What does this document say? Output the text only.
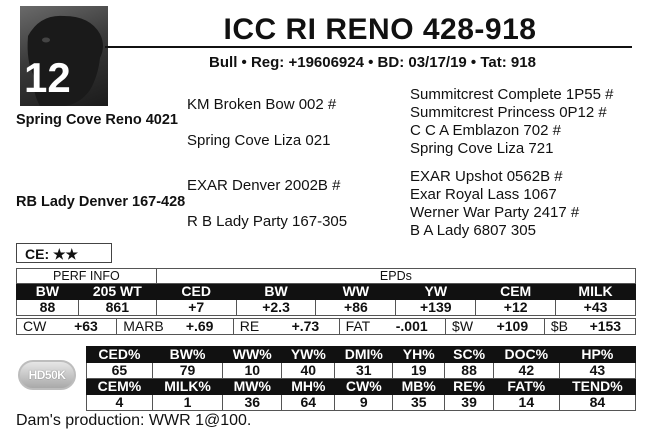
12
ICC RI RENO 428-918
Bull • Reg: +19606924 • BD: 03/17/19 • Tat: 918
KM Broken Bow 002 #
Spring Cove Reno 4021
Spring Cove Liza 021
Summitcrest Complete 1P55 #
Summitcrest Princess 0P12 #
C C A Emblazon 702 #
Spring Cove Liza 721
EXAR Denver 2002B #
RB Lady Denver 167-428
R B Lady Party 167-305
EXAR Upshot 0562B #
Exar Royal Lass 1067
Werner War Party 2417 #
B A Lady 6807 305
CE: ★★
PERF INFO		EPDs					
BW	205 WT	CED	BW	WW	YW	CEM	MILK
88	861	+7	+2.3	+86	+139	+12	+43
CW	+63	MARB	+.69	RE	+.73	FAT	-.001	$W	+109	$B	+153
HD50K
CED%	BW%	WW%	YW%	DMI%	YH%	SC%	DOC%	HP%
65	79	10	40	31	19	88	42	43
CEM%	MILK%	MW%	MH%	CW%	MB%	RE%	FAT%	TEND%
4	1	36	64	9	35	39	14	84
Dam's production: WWR 1@100.
